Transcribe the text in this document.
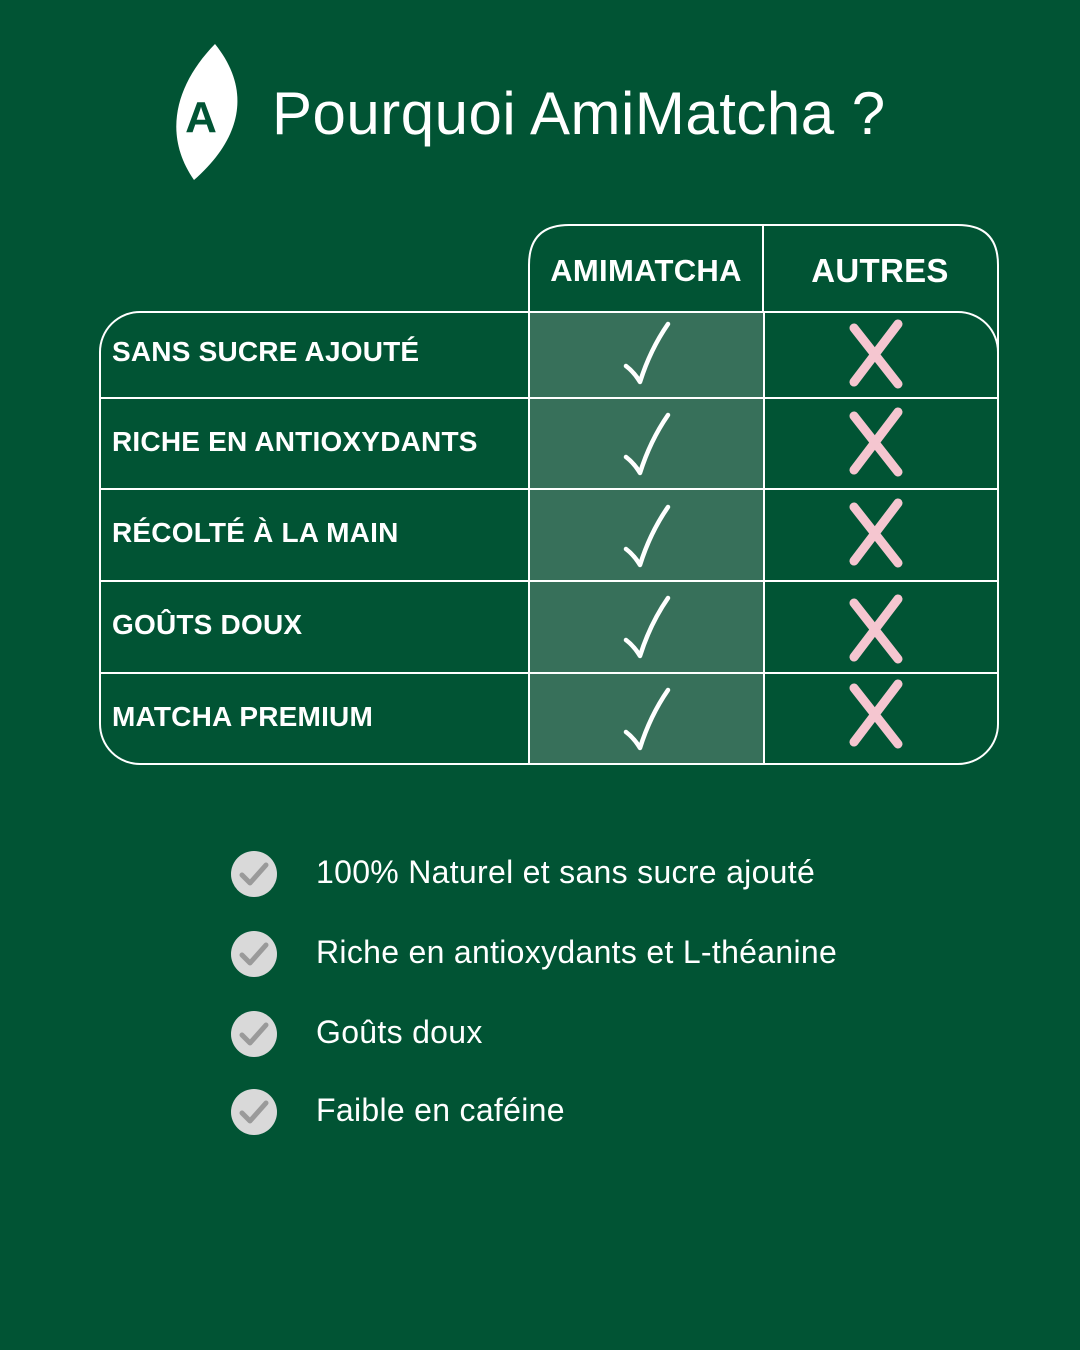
A Pourquoi AmiMatcha ?
AMIMATCHA	AUTRES
SANS SUCRE AJOUTÉ
RICHE EN ANTIOXYDANTS
RÉCOLTÉ À LA MAIN
GOÛTS DOUX
MATCHA PREMIUM
100% Naturel et sans sucre ajouté
Riche en antioxydants et L-théanine
Goûts doux
Faible en caféine
